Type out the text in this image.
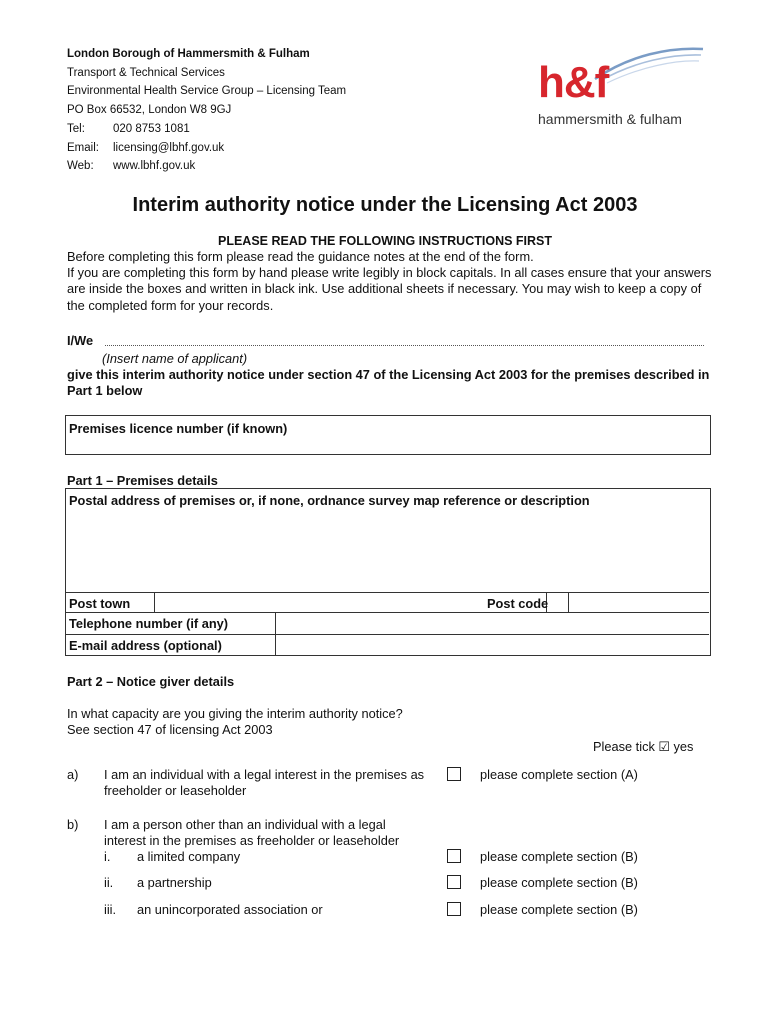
London Borough of Hammersmith & Fulham
Transport & Technical Services
Environmental Health Service Group – Licensing Team
PO Box 66532, London W8 9GJ
Tel:	020 8753 1081
Email:	licensing@lbhf.gov.uk
Web:	www.lbhf.gov.uk
h&f
hammersmith & fulham
Interim authority notice under the Licensing Act 2003
PLEASE READ THE FOLLOWING INSTRUCTIONS FIRST
Before completing this form please read the guidance notes at the end of the form.
If you are completing this form by hand please write legibly in block capitals. In all cases ensure that your answers are inside the boxes and written in black ink. Use additional sheets if necessary. You may wish to keep a copy of the completed form for your records.
I/We
(Insert name of applicant)
give this interim authority notice under section 47 of the Licensing Act 2003 for the premises described in Part 1 below
Premises licence number (if known)
Part 1 – Premises details
Postal address of premises or, if none, ordnance survey map reference or description
Post town	Post code
Telephone number (if any)
E-mail address (optional)
Part 2 – Notice giver details
In what capacity are you giving the interim authority notice?
See section 47 of licensing Act 2003
Please tick ☑ yes
a) I am an individual with a legal interest in the premises as freeholder or leaseholder
please complete section (A)
b) I am a person other than an individual with a legal interest in the premises as freeholder or leaseholder
i. a limited company	please complete section (B)
ii. a partnership	please complete section (B)
iii. an unincorporated association or	please complete section (B)
